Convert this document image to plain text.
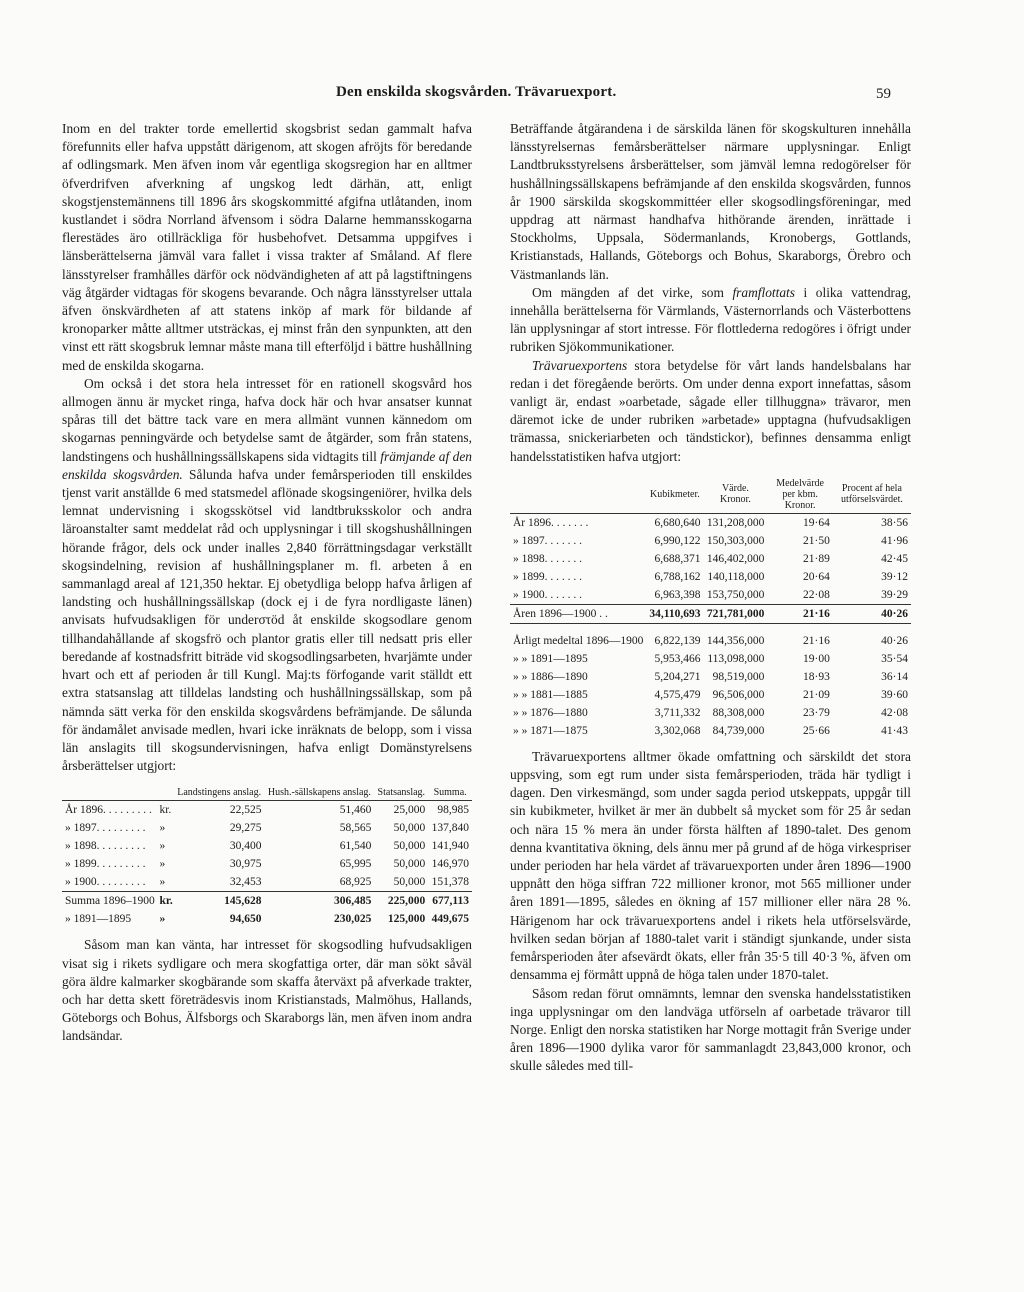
Den enskilda skogsvården. Trävaruexport.	59

Inom en del trakter torde emellertid skogsbrist sedan gammalt hafva förefunnits eller hafva uppstått därigenom, att skogen afröjts för beredande af odlingsmark. Men äfven inom vår egentliga skogsregion har en alltmer öfverdrifven afverkning af ungskog ledt därhän, att, enligt skogstjenstemännens till 1896 års skogskommitté afgifna utlåtanden, inom kustlandet i södra Norrland äfvensom i södra Dalarne hemmansskogarna flerestädes äro otillräckliga för husbehofvet. Detsamma uppgifves i länsberättelserna jämväl vara fallet i vissa trakter af Småland. Af flere länsstyrelser framhålles därför ock nödvändigheten af att på lagstiftningens väg åtgärder vidtagas för skogens bevarande. Och några länsstyrelser uttala äfven önskvärdheten af att statens inköp af mark för bildande af kronoparker måtte alltmer utsträckas, ej minst från den synpunkten, att den vinst ett rätt skogsbruk lemnar måste mana till efterföljd i bättre hushållning med de enskilda skogarna.

Om också i det stora hela intresset för en rationell skogsvård hos allmogen ännu är mycket ringa, hafva dock här och hvar ansatser kunnat spåras till det bättre tack vare en mera allmänt vunnen kännedom om skogarnas penningvärde och betydelse samt de åtgärder, som från statens, landstingens och hushållningssällskapens sida vidtagits till främjande af den enskilda skogsvården. Sålunda hafva under femårsperioden till enskildes tjenst varit anställde 6 med statsmedel aflönade skogsingeniörer, hvilka dels lemnat undervisning i skogsskötsel vid landtbruksskolor och andra läroanstalter samt meddelat råd och upplysningar i till skogshushållningen hörande frågor, dels ock under inalles 2,840 förrättningsdagar verkställt skogsindelning, revision af hushållningsplaner m. fl. arbeten å en sammanlagd areal af 121,350 hektar. Ej obetydliga belopp hafva årligen af landsting och hushållningssällskap (dock ej i de fyra nordligaste länen) anvisats hufvudsakligen för underστöd åt enskilde skogsodlare genom tillhandahållande af skogsfrö och plantor gratis eller till nedsatt pris eller beredande af kostnadsfritt biträde vid skogsodlingsarbeten, hvarjämte under hvart och ett af perioden år till Kungl. Maj:ts förfogande varit ställdt ett extra statsanslag att tilldelas landsting och hushållningssällskap, som på nämnda sätt verka för den enskilda skogsvårdens befrämjande. De sålunda för ändamålet anvisade medlen, hvari icke inräknats de belopp, som i vissa län anslagits till skogsundervisningen, hafva enligt Domänstyrelsens årsberättelser utgjort:

		Landstingens anslag.	Hush.-sällskapens anslag.	Statsanslag.	Summa.
År 1896. . . . . . . . .	kr.	22,525	51,460	25,000	98,985
» 1897. . . . . . . . .	»	29,275	58,565	50,000	137,840
» 1898. . . . . . . . .	»	30,400	61,540	50,000	141,940
» 1899. . . . . . . . .	»	30,975	65,995	50,000	146,970
» 1900. . . . . . . . .	»	32,453	68,925	50,000	151,378
Summa 1896–1900	kr.	145,628	306,485	225,000	677,113
» 1891—1895	»	94,650	230,025	125,000	449,675

Såsom man kan vänta, har intresset för skogsodling hufvudsakligen visat sig i rikets sydligare och mera skogfattiga orter, där man sökt såväl göra äldre kalmarker skogbärande som skaffa återväxt på afverkade trakter, och har detta skett företrädesvis inom Kristianstads, Malmöhus, Hallands, Göteborgs och Bohus, Älfsborgs och Skaraborgs län, men äfven inom andra landsändar.

Beträffande åtgärandena i de särskilda länen för skogskulturen innehålla länsstyrelsernas femårsberättelser närmare upplysningar. Enligt Landtbruksstyrelsens årsberättelser, som jämväl lemna redogörelser för hushållningssällskapens befrämjande af den enskilda skogsvården, funnos år 1900 särskilda skogskommittéer eller skogsodlingsföreningar, med uppdrag att närmast handhafva hithörande ärenden, inrättade i Stockholms, Uppsala, Södermanlands, Kronobergs, Gottlands, Kristianstads, Hallands, Göteborgs och Bohus, Skaraborgs, Örebro och Västmanlands län.

Om mängden af det virke, som framflottats i olika vattendrag, innehålla berättelserna för Värmlands, Västernorrlands och Västerbottens län upplysningar af stort intresse. För flottlederna redogöres i öfrigt under rubriken Sjökommunikationer.

Trävaruexportens stora betydelse för vårt lands handelsbalans har redan i det föregående berörts. Om under denna export innefattas, såsom vanligt är, endast »oarbetade, sågade eller tillhuggna» trävaror, men däremot icke de under rubriken »arbetade» upptagna (hufvudsakligen trämassa, snickeriarbeten och tändstickor), befinnes densamma enligt handelsstatistiken hafva utgjort:

	Kubikmeter.	Värde. Kronor.	Medelvärde per kbm. Kronor.	Procent af hela utförselsvärdet.
År 1896. . . . . . .	6,680,640	131,208,000	19·64	38·56
» 1897. . . . . . .	6,990,122	150,303,000	21·50	41·96
» 1898. . . . . . .	6,688,371	146,402,000	21·89	42·45
» 1899. . . . . . .	6,788,162	140,118,000	20·64	39·12
» 1900. . . . . . .	6,963,398	153,750,000	22·08	39·29
Åren 1896—1900 . .	34,110,693	721,781,000	21·16	40·26

Årligt medeltal 1896—1900	6,822,139	144,356,000	21·16	40·26
» » 1891—1895	5,953,466	113,098,000	19·00	35·54
» » 1886—1890	5,204,271	98,519,000	18·93	36·14
» » 1881—1885	4,575,479	96,506,000	21·09	39·60
» » 1876—1880	3,711,332	88,308,000	23·79	42·08
» » 1871—1875	3,302,068	84,739,000	25·66	41·43

Trävaruexportens alltmer ökade omfattning och särskildt det stora uppsving, som egt rum under sista femårsperioden, träda här tydligt i dagen. Den virkesmängd, som under sagda period utskeppats, uppgår till sin kubikmeter, hvilket är mer än dubbelt så mycket som för 25 år sedan och nära 15 % mera än under första hälften af 1890-talet. Des genom denna kvantitativa ökning, dels ännu mer på grund af de höga virkespriser under perioden har hela värdet af trävaruexporten under åren 1896—1900 uppnått den höga siffran 722 millioner kronor, mot 565 millioner under åren 1891—1895, således en ökning af 157 millioner eller nära 28 %. Härigenom har ock trävaruexportens andel i rikets hela utförselsvärde, hvilken sedan början af 1880-talet varit i ständigt sjunkande, under sista femårsperioden åter afsevärdt ökats, eller från 35·5 till 40·3 %, äfven om densamma ej förmått uppnå de höga talen under 1870-talet.

Såsom redan förut omnämnts, lemnar den svenska handelsstatistiken inga upplysningar om den landväga utförseln af oarbetade trävaror till Norge. Enligt den norska statistiken har Norge mottagit från Sverige under åren 1896—1900 dylika varor för sammanlagdt 23,843,000 kronor, och skulle således med till-
